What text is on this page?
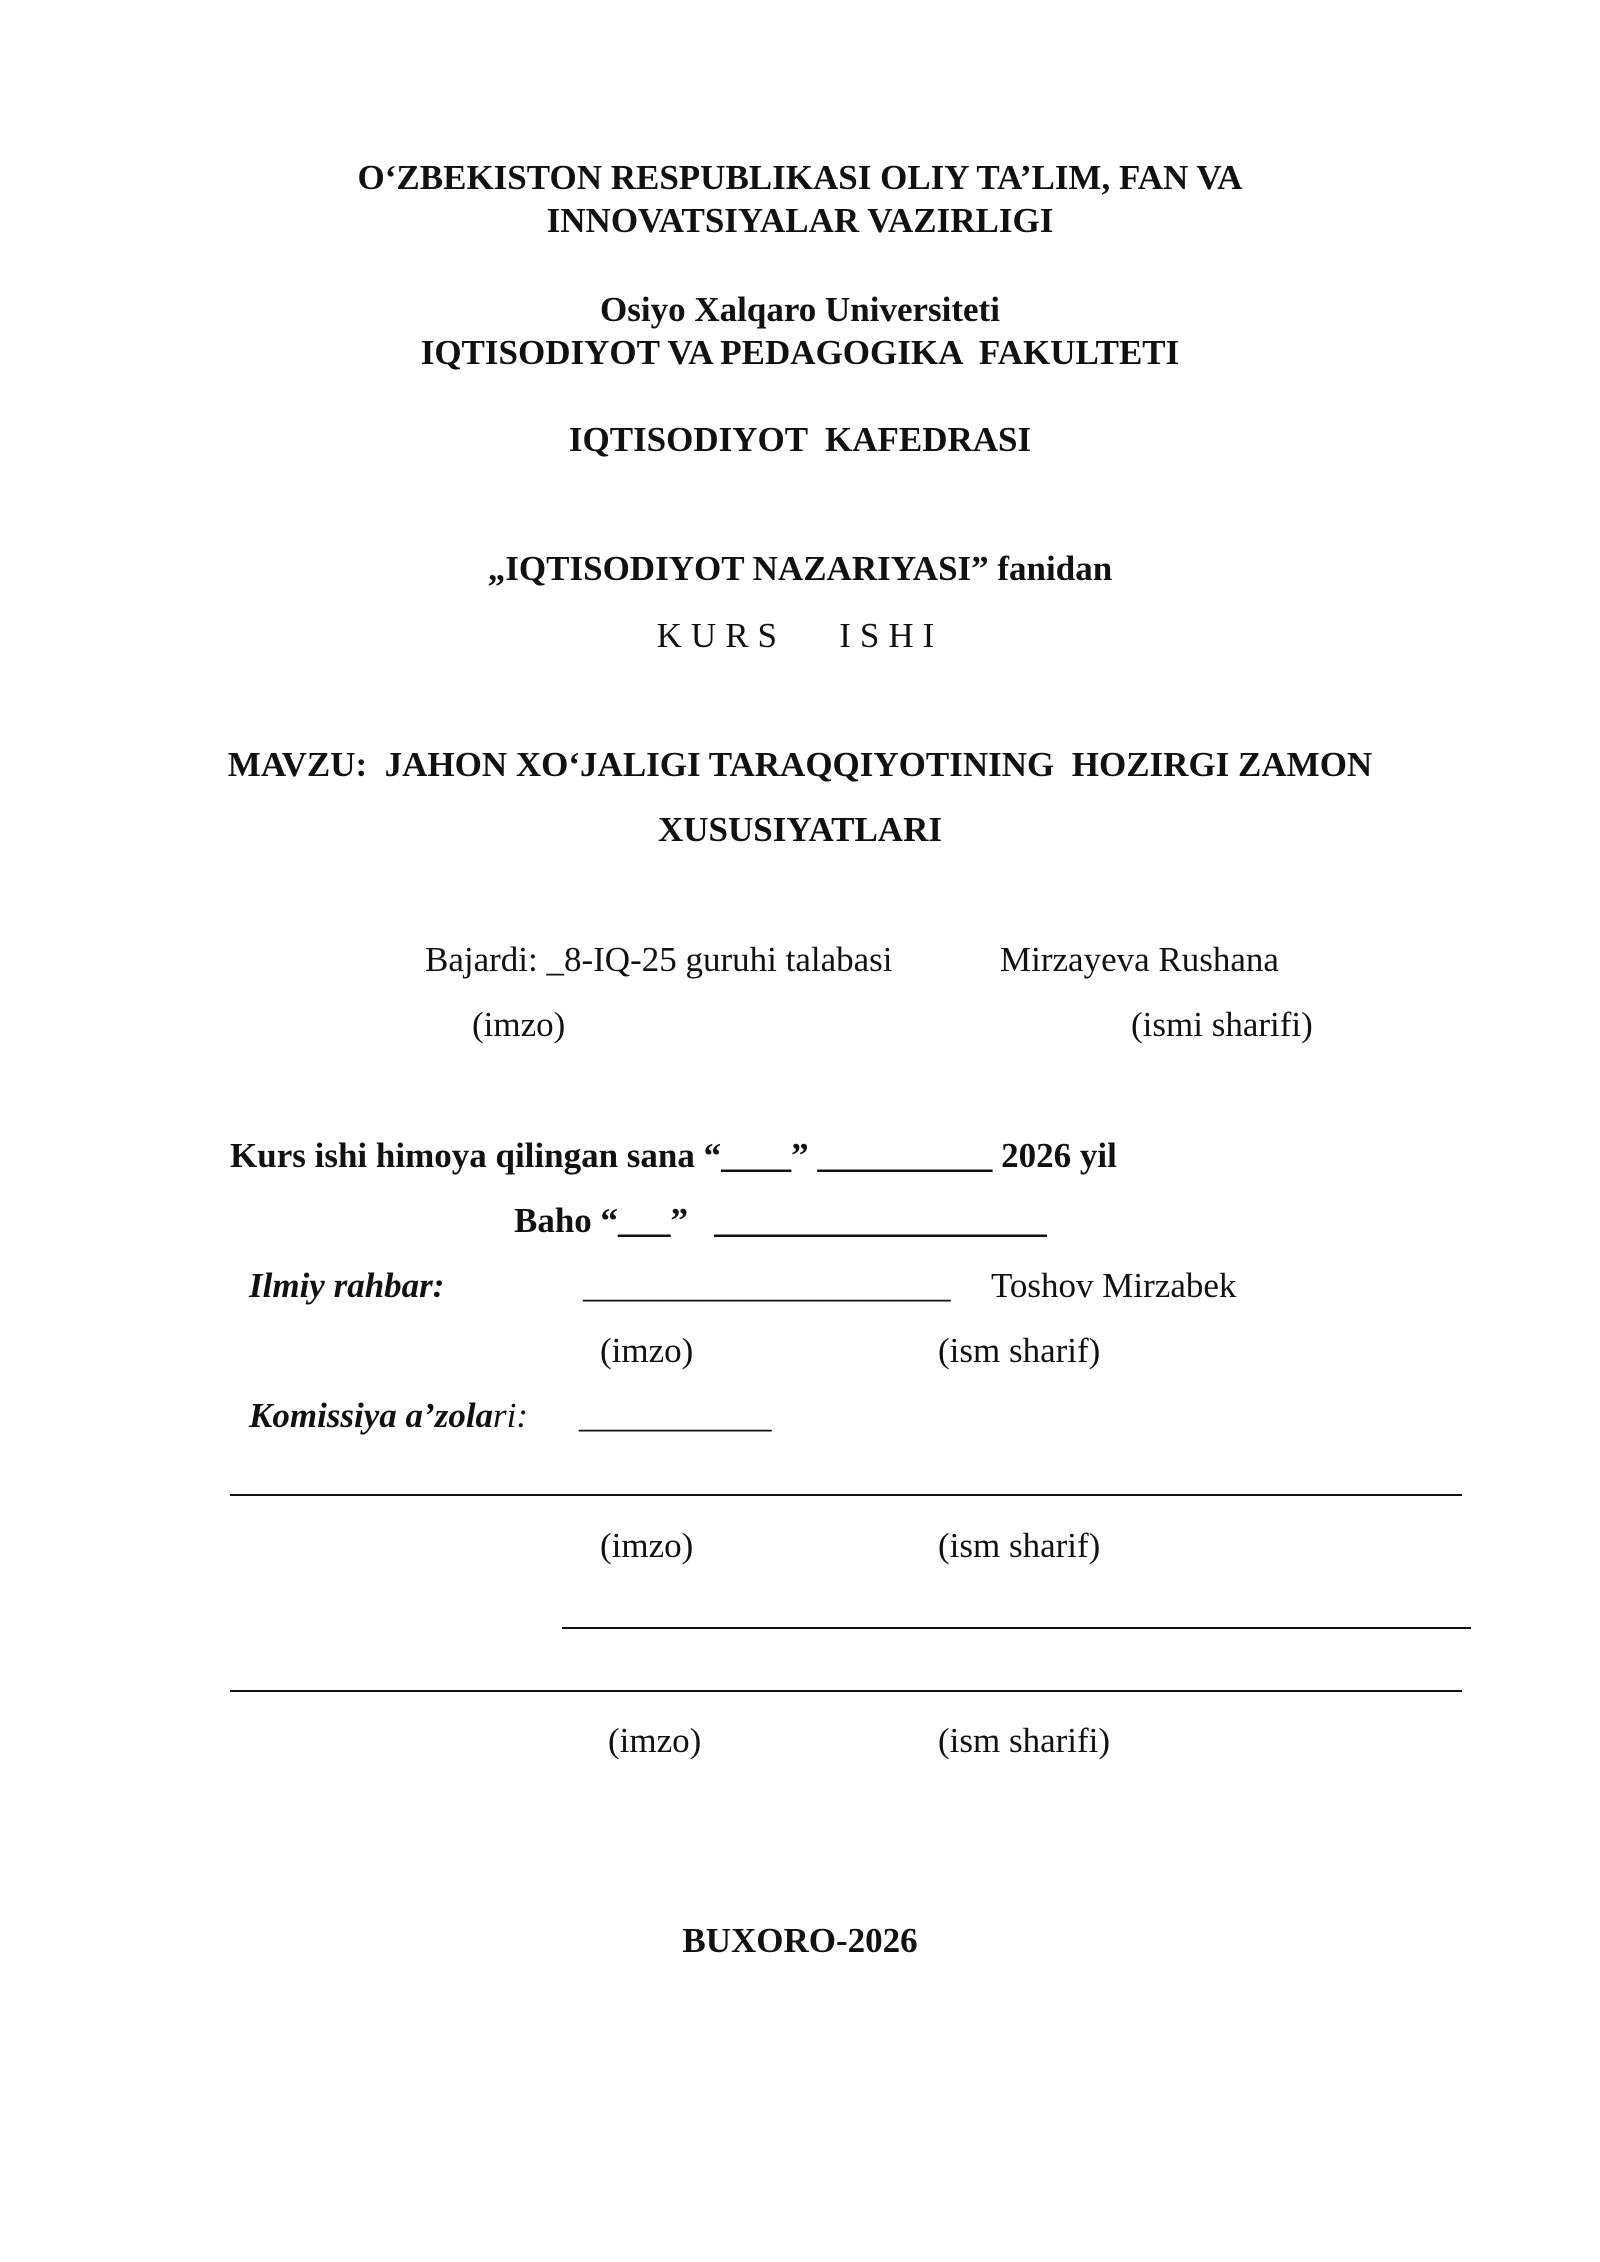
O‘ZBEKISTON RESPUBLIKASI OLIY TA’LIM, FAN VA
INNOVATSIYALAR VAZIRLIGI
Osiyo Xalqaro Universiteti
IQTISODIYOT VA PEDAGOGIKA  FAKULTETI
IQTISODIYOT  KAFEDRASI
„IQTISODIYOT NAZARIYASI” fanidan
KURS   ISHI
MAVZU:  JAHON XO‘JALIGI TARAQQIYOTINING  HOZIRGI ZAMON
XUSUSIYATLARI
Bajardi: _8-IQ-25 guruhi talabasi	Mirzayeva Rushana
(imzo)	(ismi sharifi)
Kurs ishi himoya qilingan sana “____” __________ 2026 yil
Baho “___”   ___________________
Ilmiy rahbar:	_____________________ Toshov Mirzabek
(imzo)	(ism sharif)
Komissiya a’zolari: ___________
(imzo)	(ism sharif)
(imzo)	(ism sharifi)
BUXORO-2026
